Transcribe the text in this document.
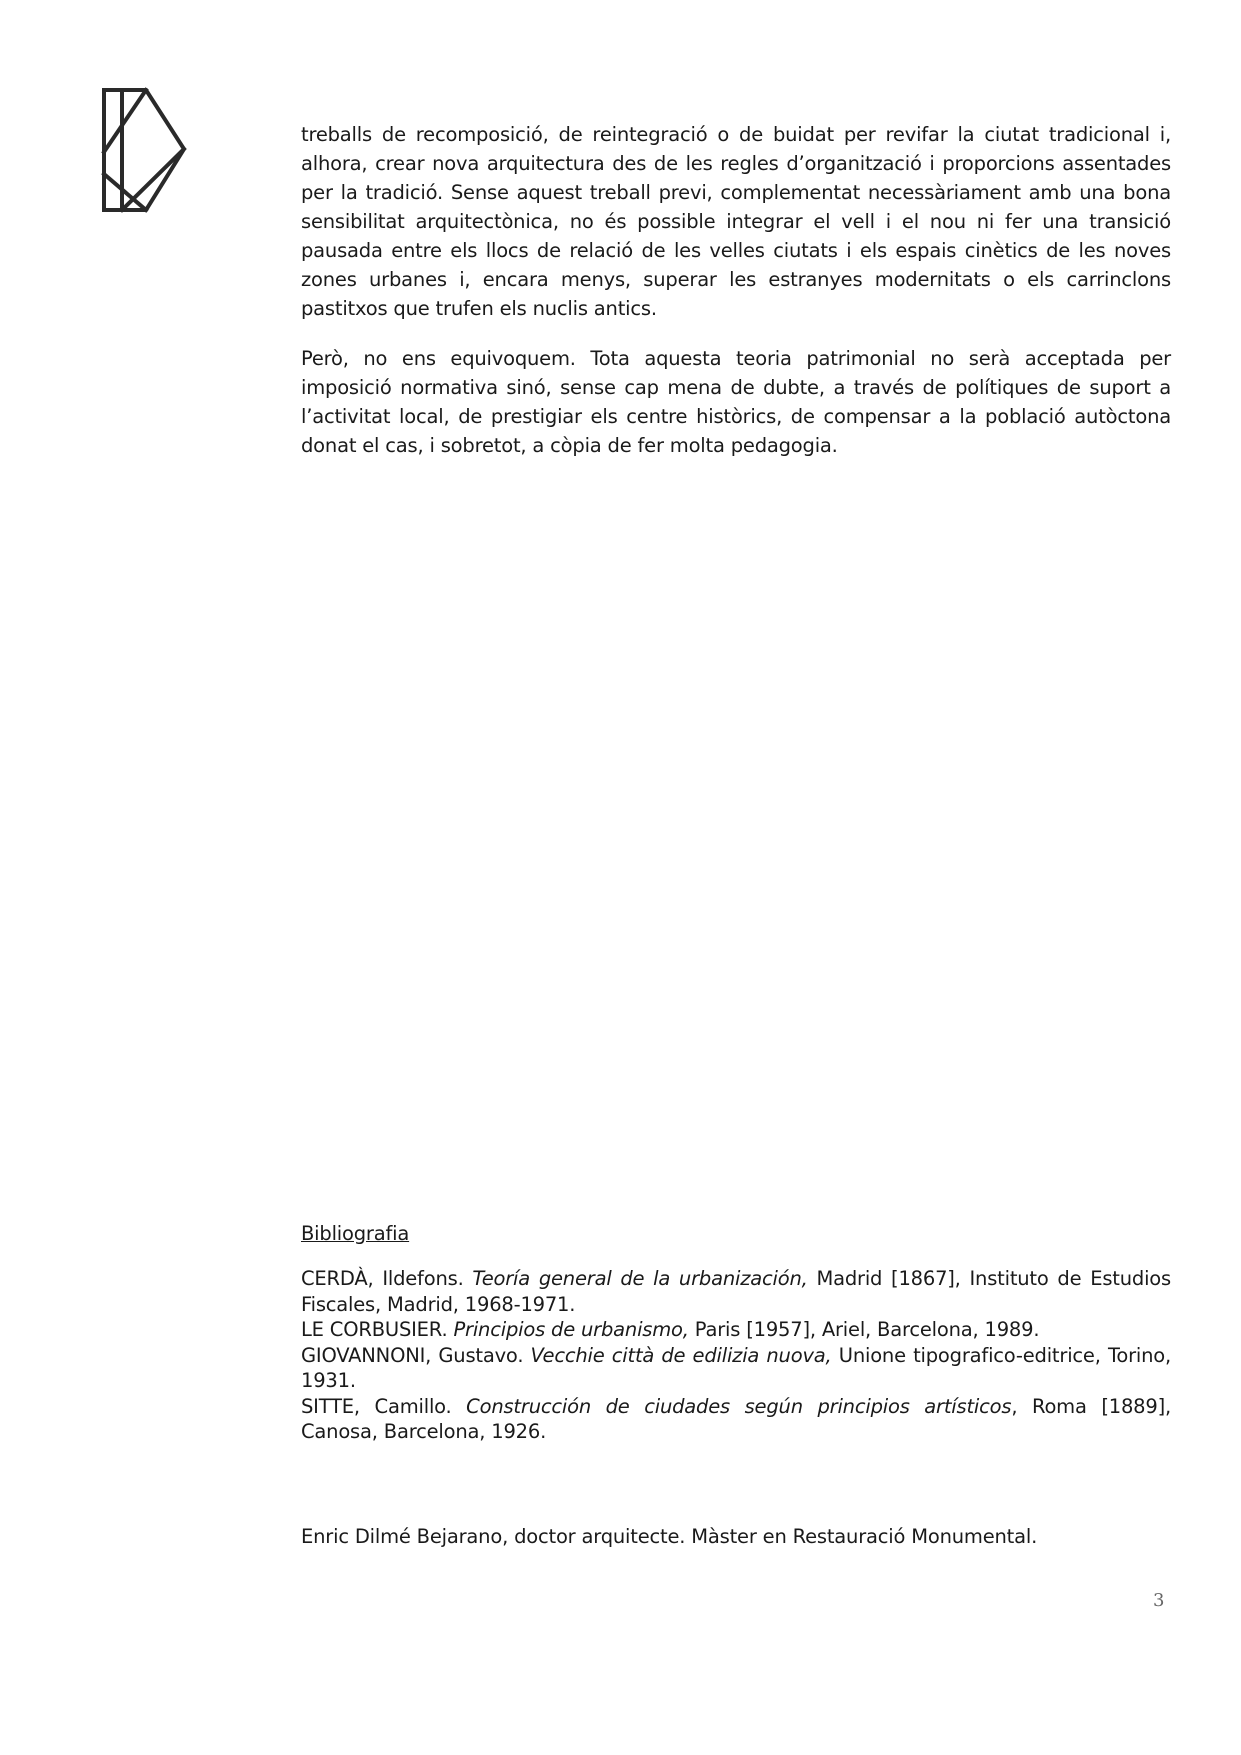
treballs de recomposició, de reintegració o de buidat per revifar la ciutat tradicional i, alhora, crear nova arquitectura des de les regles d’organització i proporcions assentades per la tradició. Sense aquest treball previ, complementat necessàriament amb una bona sensibilitat arquitectònica, no és possible integrar el vell i el nou ni fer una transició pausada entre els llocs de relació de les velles ciutats i els espais cinètics de les noves zones urbanes i, encara menys, superar les estranyes modernitats o els carrinclons pastitxos que trufen els nuclis antics.

Però, no ens equivoquem. Tota aquesta teoria patrimonial no serà acceptada per imposició normativa sinó, sense cap mena de dubte, a través de polítiques de suport a l’activitat local, de prestigiar els centre històrics, de compensar a la població autòctona donat el cas, i sobretot, a còpia de fer molta pedagogia.

Bibliografia

CERDÀ, Ildefons. Teoría general de la urbanización, Madrid [1867], Instituto de Estudios Fiscales, Madrid, 1968-1971.

LE CORBUSIER. Principios de urbanismo, Paris [1957], Ariel, Barcelona, 1989.

GIOVANNONI, Gustavo. Vecchie città de edilizia nuova, Unione tipografico-editrice, Torino, 1931.

SITTE, Camillo. Construcción de ciudades según principios artísticos, Roma [1889], Canosa, Barcelona, 1926.

Enric Dilmé Bejarano, doctor arquitecte. Màster en Restauració Monumental.
3
